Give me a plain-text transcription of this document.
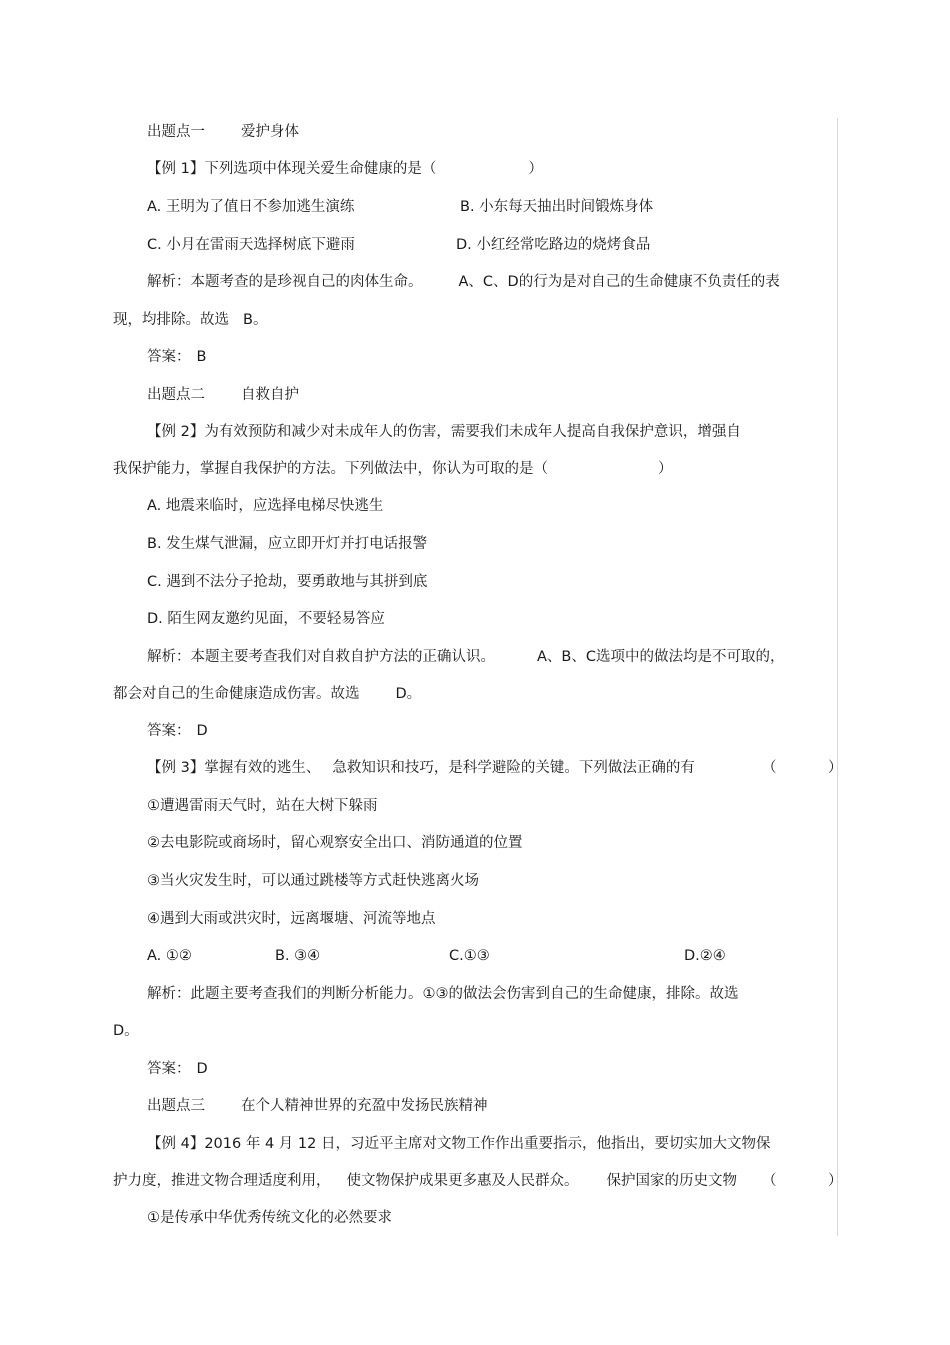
出题点一 爱护身体
【例 1】下列选项中体现关爱生命健康的是（	）
A. 王明为了值日不参加逃生演练	B. 小东每天抽出时间锻炼身体
C. 小月在雷雨天选择树底下避雨	D. 小红经常吃路边的烧烤食品
解析：本题考查的是珍视自己的肉体生命。 A、C、D的行为是对自己的生命健康不负责任的表
现，均排除。故选 B。
答案： B
出题点二 自救自护
【例 2】为有效预防和减少对未成年人的伤害，需要我们未成年人提高自我保护意识，增强自
我保护能力，掌握自我保护的方法。下列做法中，你认为可取的是（	）
A. 地震来临时，应选择电梯尽快逃生
B. 发生煤气泄漏，应立即开灯并打电话报警
C. 遇到不法分子抢劫，要勇敢地与其拼到底
D. 陌生网友邀约见面，不要轻易答应
解析：本题主要考查我们对自救自护方法的正确认识。	A、B、C选项中的做法均是不可取的，
都会对自己的生命健康造成伤害。故选 D。
答案： D
【例 3】掌握有效的逃生、 急救知识和技巧，是科学避险的关键。下列做法正确的有	（	）
①遭遇雷雨天气时，站在大树下躲雨
②去电影院或商场时，留心观察安全出口、消防通道的位置
③当火灾发生时，可以通过跳楼等方式赶快逃离火场
④遇到大雨或洪灾时，远离堰塘、河流等地点
A. ①②	B. ③④	C.①③	D.②④
解析：此题主要考查我们的判断分析能力。①③的做法会伤害到自己的生命健康，排除。故选
D。
答案： D
出题点三 在个人精神世界的充盈中发扬民族精神
【例 4】2016 年 4 月 12 日，习近平主席对文物工作作出重要指示，他指出，要切实加大文物保
护力度，推进文物合理适度利用， 使文物保护成果更多惠及人民群众。 保护国家的历史文物 （	）
①是传承中华优秀传统文化的必然要求
